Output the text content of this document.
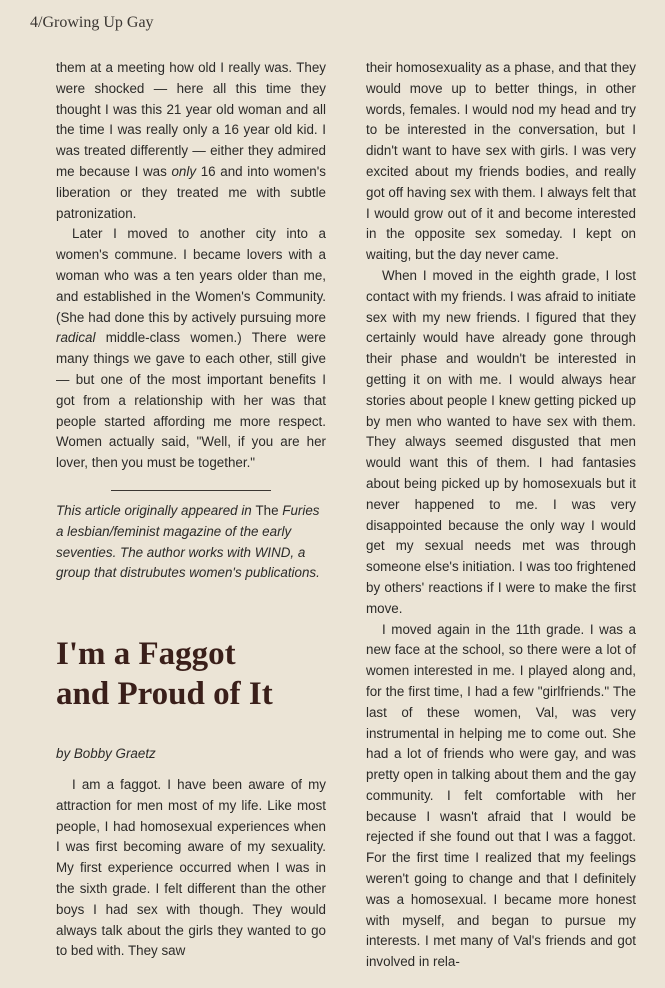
4/Growing Up Gay

them at a meeting how old I really was. They were shocked — here all this time they thought I was this 21 year old woman and all the time I was really only a 16 year old kid. I was treated differently — either they admired me because I was only 16 and into women's liberation or they treated me with subtle patronization.

Later I moved to another city into a women's commune. I became lovers with a woman who was a ten years older than me, and established in the Women's Community. (She had done this by actively pursuing more radical middle-class women.) There were many things we gave to each other, still give — but one of the most important benefits I got from a relationship with her was that people started affording me more respect. Women actually said, "Well, if you are her lover, then you must be together."

This article originally appeared in The Furies a lesbian/feminist magazine of the early seventies. The author works with WIND, a group that distrubutes women's publications.

I'm a Faggot
and Proud of It

by Bobby Graetz

I am a faggot. I have been aware of my attraction for men most of my life. Like most people, I had homosexual experiences when I was first becoming aware of my sexuality. My first experience occurred when I was in the sixth grade. I felt different than the other boys I had sex with though. They would always talk about the girls they wanted to go to bed with. They saw

their homosexuality as a phase, and that they would move up to better things, in other words, females. I would nod my head and try to be interested in the conversation, but I didn't want to have sex with girls. I was very excited about my friends bodies, and really got off having sex with them. I always felt that I would grow out of it and become interested in the opposite sex someday. I kept on waiting, but the day never came.

When I moved in the eighth grade, I lost contact with my friends. I was afraid to initiate sex with my new friends. I figured that they certainly would have already gone through their phase and wouldn't be interested in getting it on with me. I would always hear stories about people I knew getting picked up by men who wanted to have sex with them. They always seemed disgusted that men would want this of them. I had fantasies about being picked up by homosexuals but it never happened to me. I was very disappointed because the only way I would get my sexual needs met was through someone else's initiation. I was too frightened by others' reactions if I were to make the first move.

I moved again in the 11th grade. I was a new face at the school, so there were a lot of women interested in me. I played along and, for the first time, I had a few "girlfriends." The last of these women, Val, was very instrumental in helping me to come out. She had a lot of friends who were gay, and was pretty open in talking about them and the gay community. I felt comfortable with her because I wasn't afraid that I would be rejected if she found out that I was a faggot. For the first time I realized that my feelings weren't going to change and that I definitely was a homosexual. I became more honest with myself, and began to pursue my interests. I met many of Val's friends and got involved in rela-
